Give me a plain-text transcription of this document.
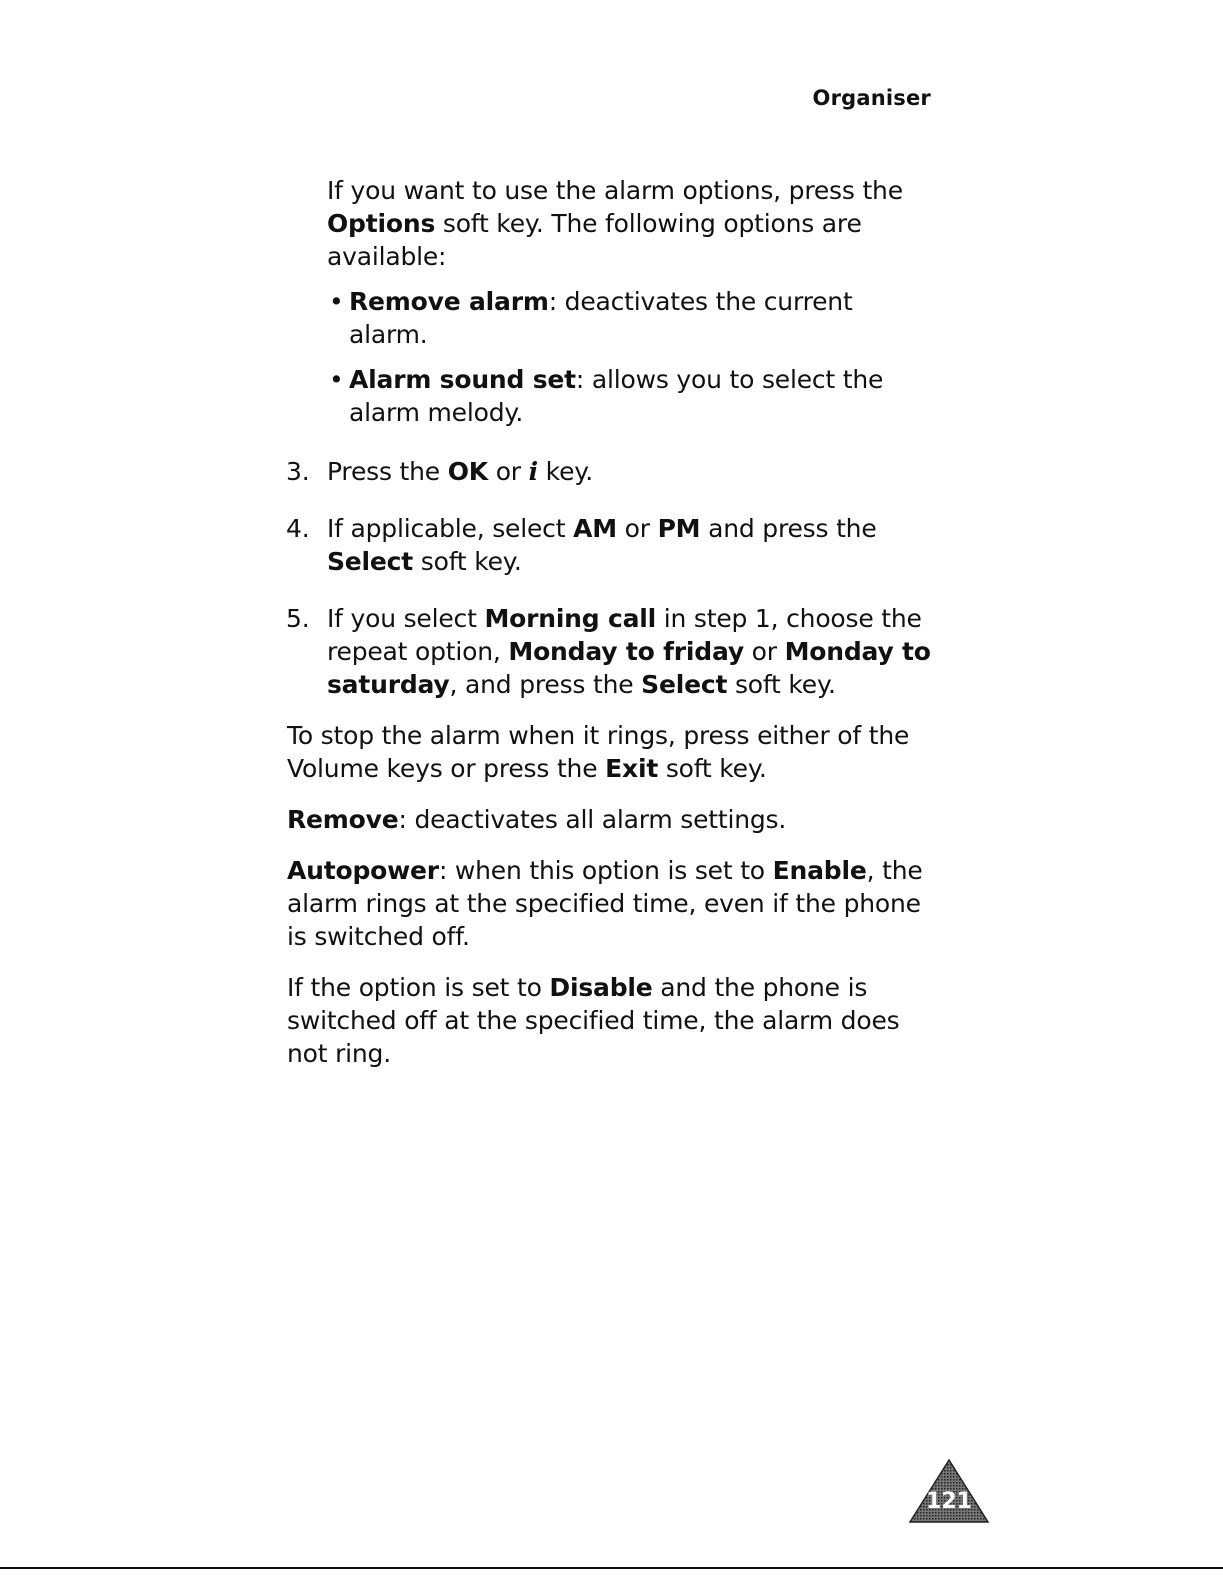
Organiser

If you want to use the alarm options, press the Options soft key. The following options are available:

• Remove alarm: deactivates the current alarm.

• Alarm sound set: allows you to select the alarm melody.

3. Press the OK or i key.

4. If applicable, select AM or PM and press the Select soft key.

5. If you select Morning call in step 1, choose the repeat option, Monday to friday or Monday to saturday, and press the Select soft key.

To stop the alarm when it rings, press either of the Volume keys or press the Exit soft key.

Remove: deactivates all alarm settings.

Autopower: when this option is set to Enable, the alarm rings at the specified time, even if the phone is switched off.

If the option is set to Disable and the phone is switched off at the specified time, the alarm does not ring.

121
